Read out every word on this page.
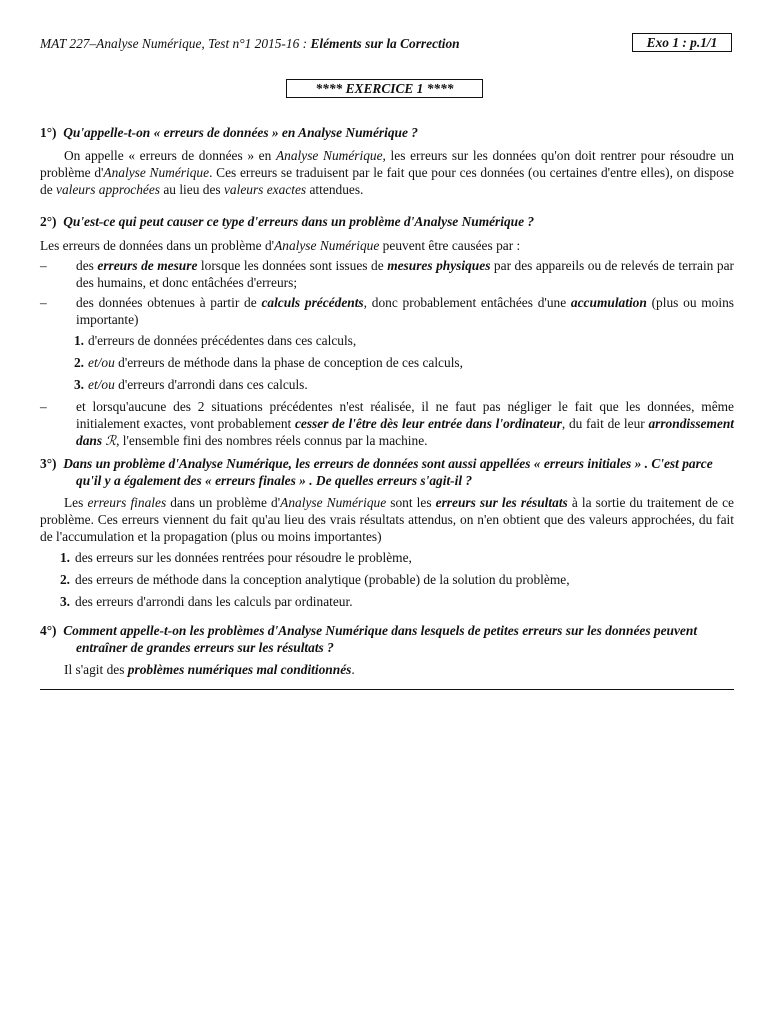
MAT 227–Analyse Numérique, Test n°1 2015-16 : Eléments sur la Correction	Exo 1 : p.1/1
**** EXERCICE 1 ****
1°) Qu'appelle-t-on « erreurs de données » en Analyse Numérique ?
On appelle « erreurs de données » en Analyse Numérique, les erreurs sur les données qu'on doit rentrer pour résoudre un problème d'Analyse Numérique. Ces erreurs se traduisent par le fait que pour ces données (ou certaines d'entre elles), on dispose de valeurs approchées au lieu des valeurs exactes attendues.
2°) Qu'est-ce qui peut causer ce type d'erreurs dans un problème d'Analyse Numérique ?
Les erreurs de données dans un problème d'Analyse Numérique peuvent être causées par :
– des erreurs de mesure lorsque les données sont issues de mesures physiques par des appareils ou de relevés de terrain par des humains, et donc entâchées d'erreurs;
– des données obtenues à partir de calculs précédents, donc probablement entâchées d'une accumulation (plus ou moins importante)
1. d'erreurs de données précédentes dans ces calculs,
2. et/ou d'erreurs de méthode dans la phase de conception de ces calculs,
3. et/ou d'erreurs d'arrondi dans ces calculs.
– et lorsqu'aucune des 2 situations précédentes n'est réalisée, il ne faut pas négliger le fait que les données, même initialement exactes, vont probablement cesser de l'être dès leur entrée dans l'ordinateur, du fait de leur arrondissement dans ℛ, l'ensemble fini des nombres réels connus par la machine.
3°) Dans un problème d'Analyse Numérique, les erreurs de données sont aussi appellées « erreurs initiales » . C'est parce qu'il y a également des « erreurs finales » . De quelles erreurs s'agit-il ?
Les erreurs finales dans un problème d'Analyse Numérique sont les erreurs sur les résultats à la sortie du traitement de ce problème. Ces erreurs viennent du fait qu'au lieu des vrais résultats attendus, on n'en obtient que des valeurs approchées, du fait de l'accumulation et la propagation (plus ou moins importantes)
1. des erreurs sur les données rentrées pour résoudre le problème,
2. des erreurs de méthode dans la conception analytique (probable) de la solution du problème,
3. des erreurs d'arrondi dans les calculs par ordinateur.
4°) Comment appelle-t-on les problèmes d'Analyse Numérique dans lesquels de petites erreurs sur les données peuvent entraîner de grandes erreurs sur les résultats ?
Il s'agit des problèmes numériques mal conditionnés.
